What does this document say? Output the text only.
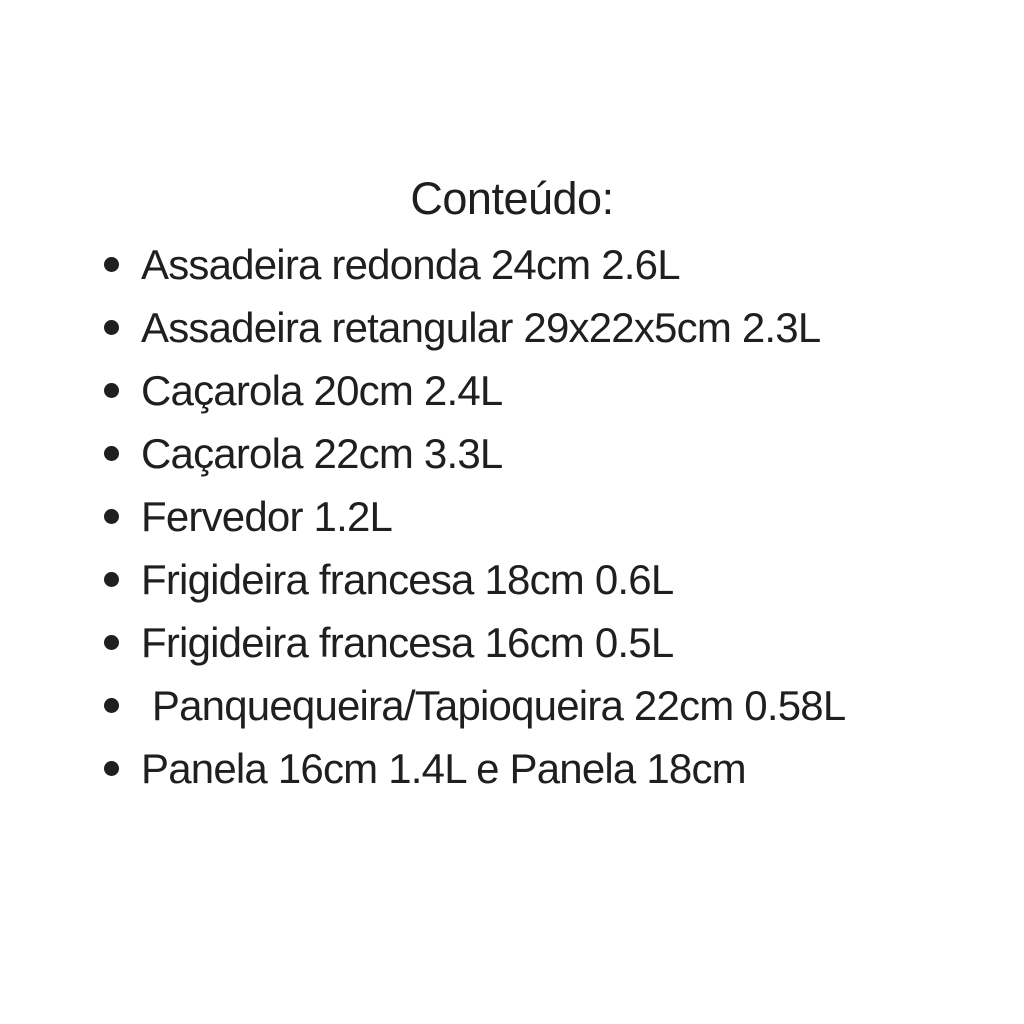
Conteúdo:
Assadeira redonda 24cm 2.6L
Assadeira retangular 29x22x5cm 2.3L
Caçarola 20cm 2.4L
Caçarola 22cm 3.3L
Fervedor 1.2L
Frigideira francesa 18cm 0.6L
Frigideira francesa 16cm 0.5L
Panquequeira/Tapioqueira 22cm 0.58L
Panela 16cm 1.4L e Panela 18cm
